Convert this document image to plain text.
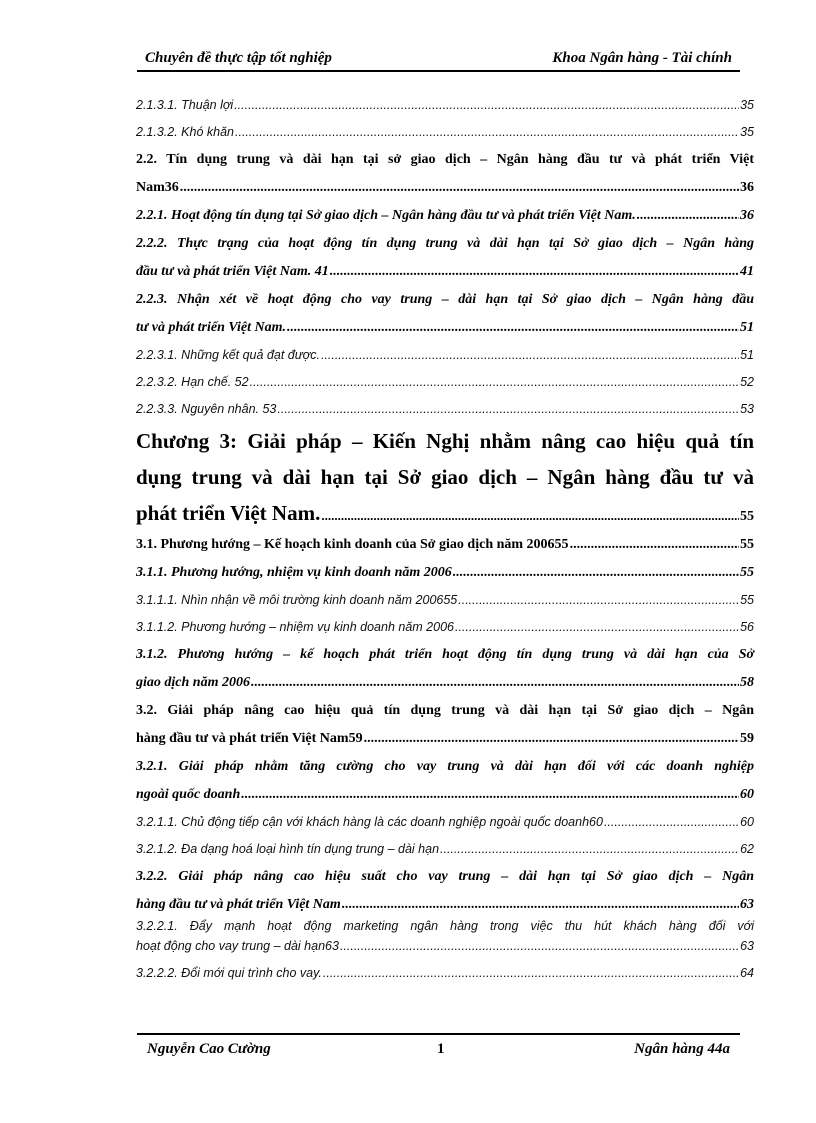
Chuyên đề thực tập tốt nghiệp	Khoa Ngân hàng - Tài chính
2.1.3.1. Thuận lợi .....	35
2.1.3.2. Khó khăn .....	35
2.2. Tín dụng trung và dài hạn tại sở giao dịch – Ngân hàng đầu tư và phát triển Việt
Nam36 .....	36
2.2.1. Hoạt động tín dụng tại Sở giao dịch – Ngân hàng đầu tư và phát triển Việt Nam. .....	36
2.2.2. Thực trạng của hoạt động tín dụng trung và dài hạn tại Sở giao dịch – Ngân hàng
đầu tư và phát triển Việt Nam. 41 .....	41
2.2.3. Nhận xét về hoạt động cho vay trung – dài hạn tại Sở giao dịch – Ngân hàng đầu
tư và phát triển Việt Nam. .....	51
2.2.3.1. Những kết quả đạt được. .....	51
2.2.3.2. Hạn chế. 52 .....	52
2.2.3.3. Nguyên nhân. 53 .....	53
Chương 3: Giải pháp – Kiến Nghị nhằm nâng cao hiệu quả tín
dụng trung và dài hạn tại Sở giao dịch – Ngân hàng đầu tư và
phát triển Việt Nam. .....	55
3.1. Phương hướng – Kế hoạch kinh doanh của Sở giao dịch năm 200655 .....	55
3.1.1. Phương hướng, nhiệm vụ kinh doanh năm 2006 .....	55
3.1.1.1. Nhìn nhận về môi trường kinh doanh năm 200655 .....	55
3.1.1.2. Phương hướng – nhiệm vụ kinh doanh năm 2006 .....	56
3.1.2. Phương hướng – kế hoạch phát triển hoạt động tín dụng trung và dài hạn của Sở
giao dịch năm 2006 .....	58
3.2. Giải pháp nâng cao hiệu quả tín dụng trung và dài hạn tại Sở giao dịch – Ngân
hàng đầu tư và phát triển Việt Nam59 .....	59
3.2.1. Giải pháp nhằm tăng cường cho vay trung và dài hạn đối với các doanh nghiệp
ngoài quốc doanh .....	60
3.2.1.1. Chủ động tiếp cận với khách hàng là các doanh nghiệp ngoài quốc doanh60 .....	60
3.2.1.2. Đa dạng hoá loại hình tín dụng trung – dài hạn .....	62
3.2.2. Giải pháp nâng cao hiệu suất cho vay trung – dài hạn tại Sở giao dịch – Ngân
hàng đầu tư và phát triển Việt Nam .....	63
3.2.2.1. Đẩy mạnh hoạt động marketing ngân hàng trong việc thu hút khách hàng đối với
hoạt động cho vay trung – dài hạn63 .....	63
3.2.2.2. Đổi mới qui trình cho vay. .....	64
Nguyễn Cao Cường	1	Ngân hàng 44a
